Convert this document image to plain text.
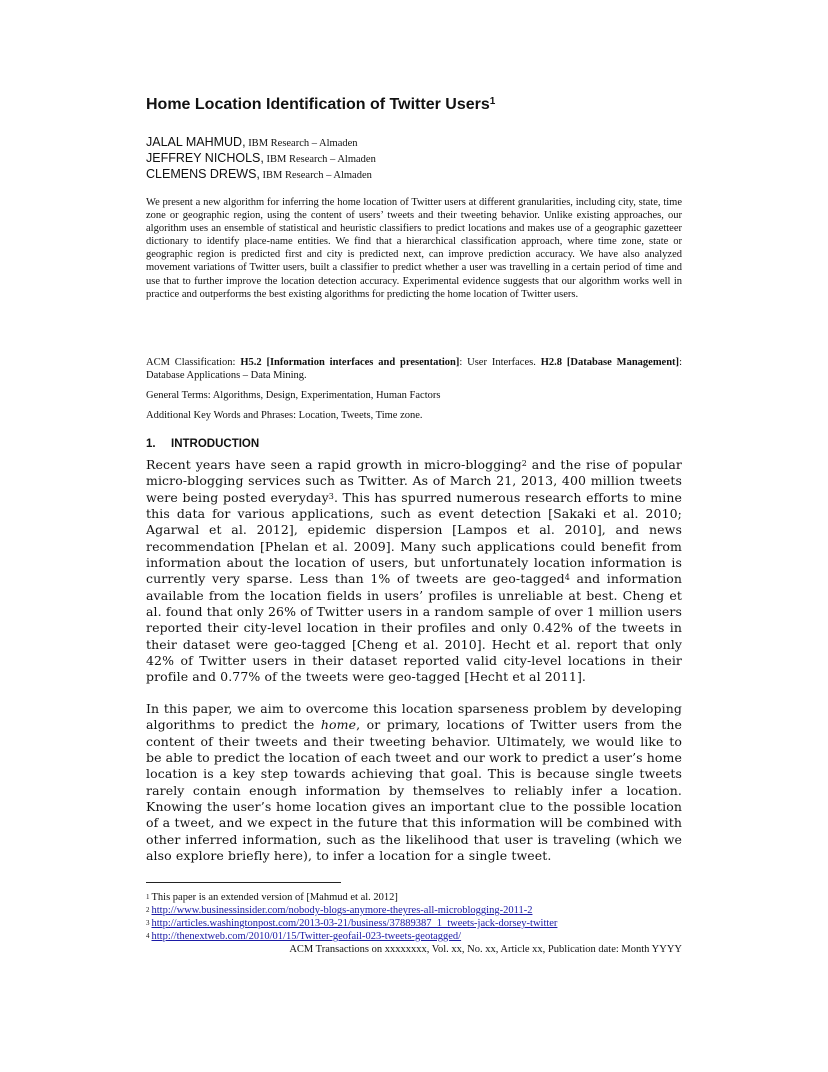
Home Location Identification of Twitter Users$^1$
JALAL MAHMUD, IBM Research – Almaden
JEFFREY NICHOLS, IBM Research – Almaden
CLEMENS DREWS, IBM Research – Almaden
We present a new algorithm for inferring the home location of Twitter users at different granularities, including city, state, time zone or geographic region, using the content of users’ tweets and their tweeting behavior. Unlike existing approaches, our algorithm uses an ensemble of statistical and heuristic classifiers to predict locations and makes use of a geographic gazetteer dictionary to identify place-name entities. We find that a hierarchical classification approach, where time zone, state or geographic region is predicted first and city is predicted next, can improve prediction accuracy. We have also analyzed movement variations of Twitter users, built a classifier to predict whether a user was travelling in a certain period of time and use that to further improve the location detection accuracy. Experimental evidence suggests that our algorithm works well in practice and outperforms the best existing algorithms for predicting the home location of Twitter users.
ACM Classification: H5.2 [Information interfaces and presentation]: User Interfaces. H2.8 [Database Management]: Database Applications – Data Mining.
General Terms: Algorithms, Design, Experimentation, Human Factors
Additional Key Words and Phrases: Location, Tweets, Time zone.
1. INTRODUCTION
Recent years have seen a rapid growth in micro-blogging$^2$ and the rise of popular micro-blogging services such as Twitter. As of March 21, 2013, 400 million tweets were being posted everyday$^3$. This has spurred numerous research efforts to mine this data for various applications, such as event detection [Sakaki et al. 2010; Agarwal et al. 2012], epidemic dispersion [Lampos et al. 2010], and news recommendation [Phelan et al. 2009]. Many such applications could benefit from information about the location of users, but unfortunately location information is currently very sparse. Less than 1% of tweets are geo-tagged$^4$ and information available from the location fields in users’ profiles is unreliable at best. Cheng et al. found that only 26% of Twitter users in a random sample of over 1 million users reported their city-level location in their profiles and only 0.42% of the tweets in their dataset were geo-tagged [Cheng et al. 2010]. Hecht et al. report that only 42% of Twitter users in their dataset reported valid city-level locations in their profile and 0.77% of the tweets were geo-tagged [Hecht et al 2011].
In this paper, we aim to overcome this location sparseness problem by developing algorithms to predict the home, or primary, locations of Twitter users from the content of their tweets and their tweeting behavior. Ultimately, we would like to be able to predict the location of each tweet and our work to predict a user’s home location is a key step towards achieving that goal. This is because single tweets rarely contain enough information by themselves to reliably infer a location. Knowing the user’s home location gives an important clue to the possible location of a tweet, and we expect in the future that this information will be combined with other inferred information, such as the likelihood that user is traveling (which we also explore briefly here), to infer a location for a single tweet.
$^1$ This paper is an extended version of [Mahmud et al. 2012]
$^2$ http://www.businessinsider.com/nobody-blogs-anymore-theyres-all-microblogging-2011-2
$^3$ http://articles.washingtonpost.com/2013-03-21/business/37889387_1_tweets-jack-dorsey-twitter
$^4$ http://thenextweb.com/2010/01/15/Twitter-geofail-023-tweets-geotagged/
ACM Transactions on xxxxxxxx, Vol. xx, No. xx, Article xx, Publication date: Month YYYY
